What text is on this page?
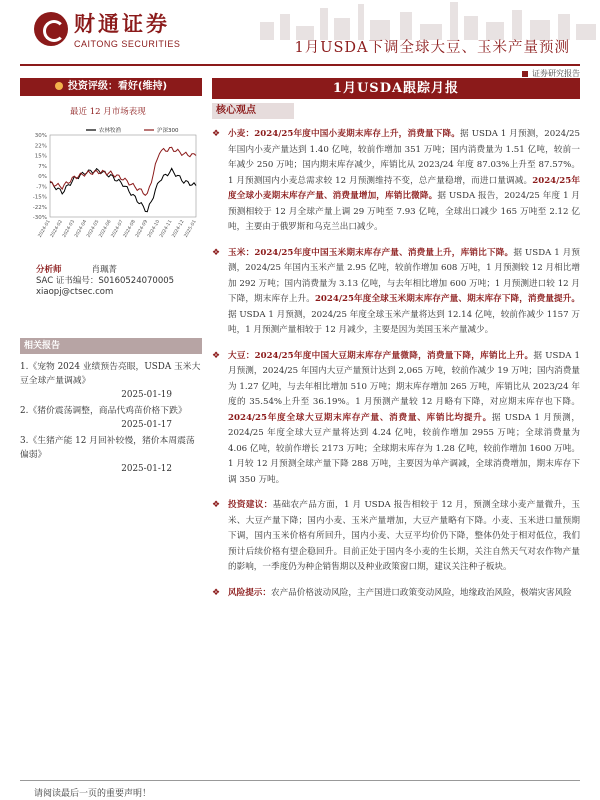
财通证券
CAITONG SECURITIES	1月USDA下调全球大豆、玉米产量预测
证券研究报告
投资评级：看好(维持)
最近 12 月市场表现
30%
22%
15%
7%
0%
-7%
-15%
-22%
-30%
2024-01
2024-02
2024-03
2024-04
2024-05
2024-06
2024-07
2024-08
2024-09
2024-10
2024-11
2024-12
2025-01
农林牧渔	沪深300
分析师	肖珮菁
SAC 证书编号：S0160524070005
xiaopj@ctsec.com
相关报告
1.《宠物 2024 业绩预告亮眼，USDA 玉米大豆全球产量调减》
2025-01-19
2.《猪价震荡调整，商品代鸡苗价格下跌》
2025-01-17
3.《生猪产能 12 月回补较慢，猪价本周震荡偏弱》
2025-01-12
1月USDA跟踪月报
核心观点
❖ 小麦：2024/25年度中国小麦期末库存上升，消费量下降。据 USDA 1 月预测，2024/25 年国内小麦产量达到 1.40 亿吨，较前作增加 351 万吨；国内消费量为 1.51 亿吨，较前一年减少 250 万吨；国内期末库存减少，库销比从 2023/24 年度 87.03%上升至 87.57%。1 月预测国内小麦总需求较 12 月预测维持不变，总产量稳增，而进口量调减。2024/25年度全球小麦期末库存产量、消费量增加，库销比微降。据 USDA 报告，2024/25 年度 1 月预测相较于 12 月全球产量上调 29 万吨至 7.93 亿吨，全球出口减少 165 万吨至 2.12 亿吨，主要由于俄罗斯和乌克兰出口减少。
❖ 玉米：2024/25年度中国玉米期末库存产量、消费量上升，库销比下降。据 USDA 1 月预测，2024/25 年国内玉米产量 2.95 亿吨，较前作增加 608 万吨，1 月预测较 12 月相比增加 292 万吨；国内消费量为 3.13 亿吨，与去年相比增加 600 万吨；1 月预测进口较 12 月下降，期末库存上升。2024/25年度全球玉米期末库存产量、期末库存下降，消费量提升。据 USDA 1 月预测，2024/25 年度全球玉米产量将达到 12.14 亿吨，较前作减少 1157 万吨，1 月预测产量相较于 12 月减少，主要是因为美国玉米产量减少。
❖ 大豆：2024/25年度中国大豆期末库存产量微降，消费量下降，库销比上升。据 USDA 1 月预测，2024/25 年国内大豆产量预计达到 2,065 万吨，较前作减少 19 万吨；国内消费量为 1.27 亿吨，与去年相比增加 510 万吨；期末库存增加 265 万吨，库销比从 2023/24 年度的 35.54%上升至 36.19%。1 月预测产量较 12 月略有下降，对应期末库存也下降。2024/25年度全球大豆期末库存产量、消费量、库销比均提升。据 USDA 1 月预测，2024/25 年度全球大豆产量将达到 4.24 亿吨，较前作增加 2955 万吨；全球消费量为 4.06 亿吨，较前作增长 2173 万吨；全球期末库存为 1.28 亿吨，较前作增加 1600 万吨。1 月较 12 月预测全球产量下降 288 万吨，主要因为单产调减，全球消费增加，期末库存下调 350 万吨。
❖ 投资建议：基础农产品方面，1 月 USDA 报告相较于 12 月，预测全球小麦产量微升，玉米、大豆产量下降；国内小麦、玉米产量增加，大豆产量略有下降。小麦、玉米进口量预期下调，国内玉米价格有所回升，国内小麦、大豆平均价仍下降，整体仍处于相对低位，我们预计后续价格有望企稳回升。目前正处于国内冬小麦的生长期，关注自然天气对农作物产量的影响，一季度仍为种企销售期以及种业政策窗口期，建议关注种子板块。
❖ 风险提示：农产品价格波动风险，主产国进口政策变动风险，地缘政治风险，极端灾害风险
请阅读最后一页的重要声明！
